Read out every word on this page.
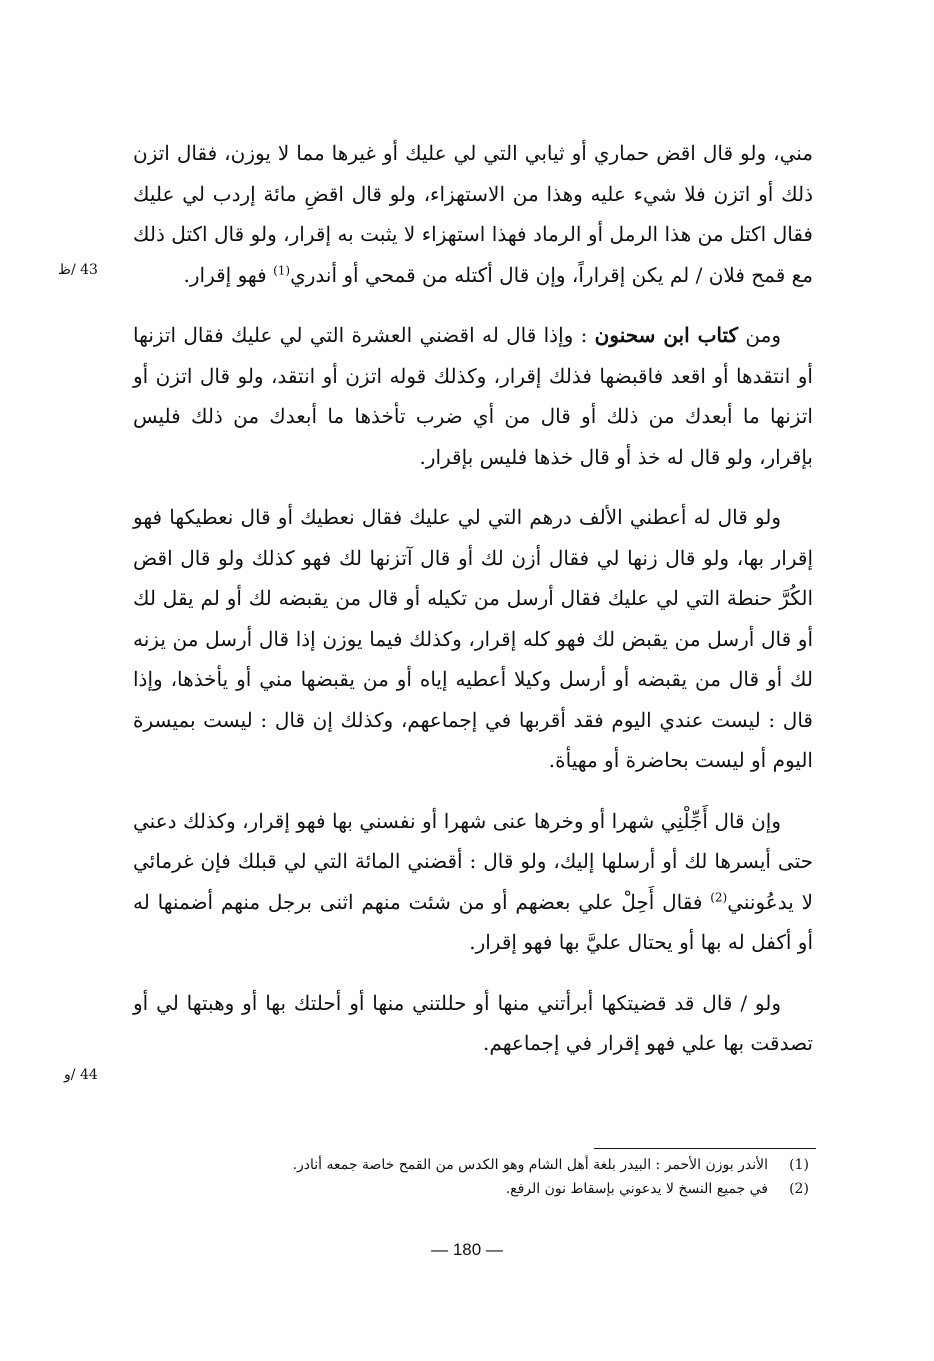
43 /ظ
44 /و

مني، ولو قال اقض حماري أو ثيابي التي لي عليك أو غيرها مما لا يوزن، فقال اتزن ذلك أو اتزن فلا شيء عليه وهذا من الاستهزاء، ولو قال اقضِ مائة إردب لي عليك فقال اكتل من هذا الرمل أو الرماد فهذا استهزاء لا يثبت به إقرار، ولو قال اكتل ذلك مع قمح فلان / لم يكن إقراراً، وإن قال أكتله من قمحي أو أندري$^{(1)}$ فهو إقرار.

ومن كتاب ابن سحنون : وإذا قال له اقضني العشرة التي لي عليك فقال اتزنها أو انتقدها أو اقعد فاقبضها فذلك إقرار، وكذلك قوله اتزن أو انتقد، ولو قال اتزن أو اتزنها ما أبعدك من ذلك أو قال من أي ضرب تأخذها ما أبعدك من ذلك فليس بإقرار، ولو قال له خذ أو قال خذها فليس بإقرار.

ولو قال له أعطني الألف درهم التي لي عليك فقال نعطيك أو قال نعطيكها فهو إقرار بها، ولو قال زنها لي فقال أزن لك أو قال آتزنها لك فهو كذلك ولو قال اقض الكُرَّ حنطة التي لي عليك فقال أرسل من تكيله أو قال من يقبضه لك أو لم يقل لك أو قال أرسل من يقبض لك فهو كله إقرار، وكذلك فيما يوزن إذا قال أرسل من يزنه لك أو قال من يقبضه أو أرسل وكيلا أعطيه إياه أو من يقبضها مني أو يأخذها، وإذا قال : ليست عندي اليوم فقد أقربها في إجماعهم، وكذلك إن قال : ليست بميسرة اليوم أو ليست بحاضرة أو مهيأة.

وإن قال أَجِّلْنِي شهرا أو وخرها عنى شهرا أو نفسني بها فهو إقرار، وكذلك دعني حتى أيسرها لك أو أرسلها إليك، ولو قال : أقضني المائة التي لي قبلك فإن غرمائي لا يدعُونني$^{(2)}$ فقال أَحِلْ علي بعضهم أو من شئت منهم اثنى برجل منهم أضمنها له أو أكفل له بها أو يحتال عليَّ بها فهو إقرار.

ولو / قال قد قضيتكها أبرأتني منها أو حللتني منها أو أحلتك بها أو وهبتها لي أو تصدقت بها علي فهو إقرار في إجماعهم.

(1)
الأندر بوزن الأحمر : البيدر بلغة أهل الشام وهو الكدس من القمح خاصة جمعه أنادر.
(2)
في جميع النسخ لا يدعوني بإسقاط نون الرفع.
— 180 —
